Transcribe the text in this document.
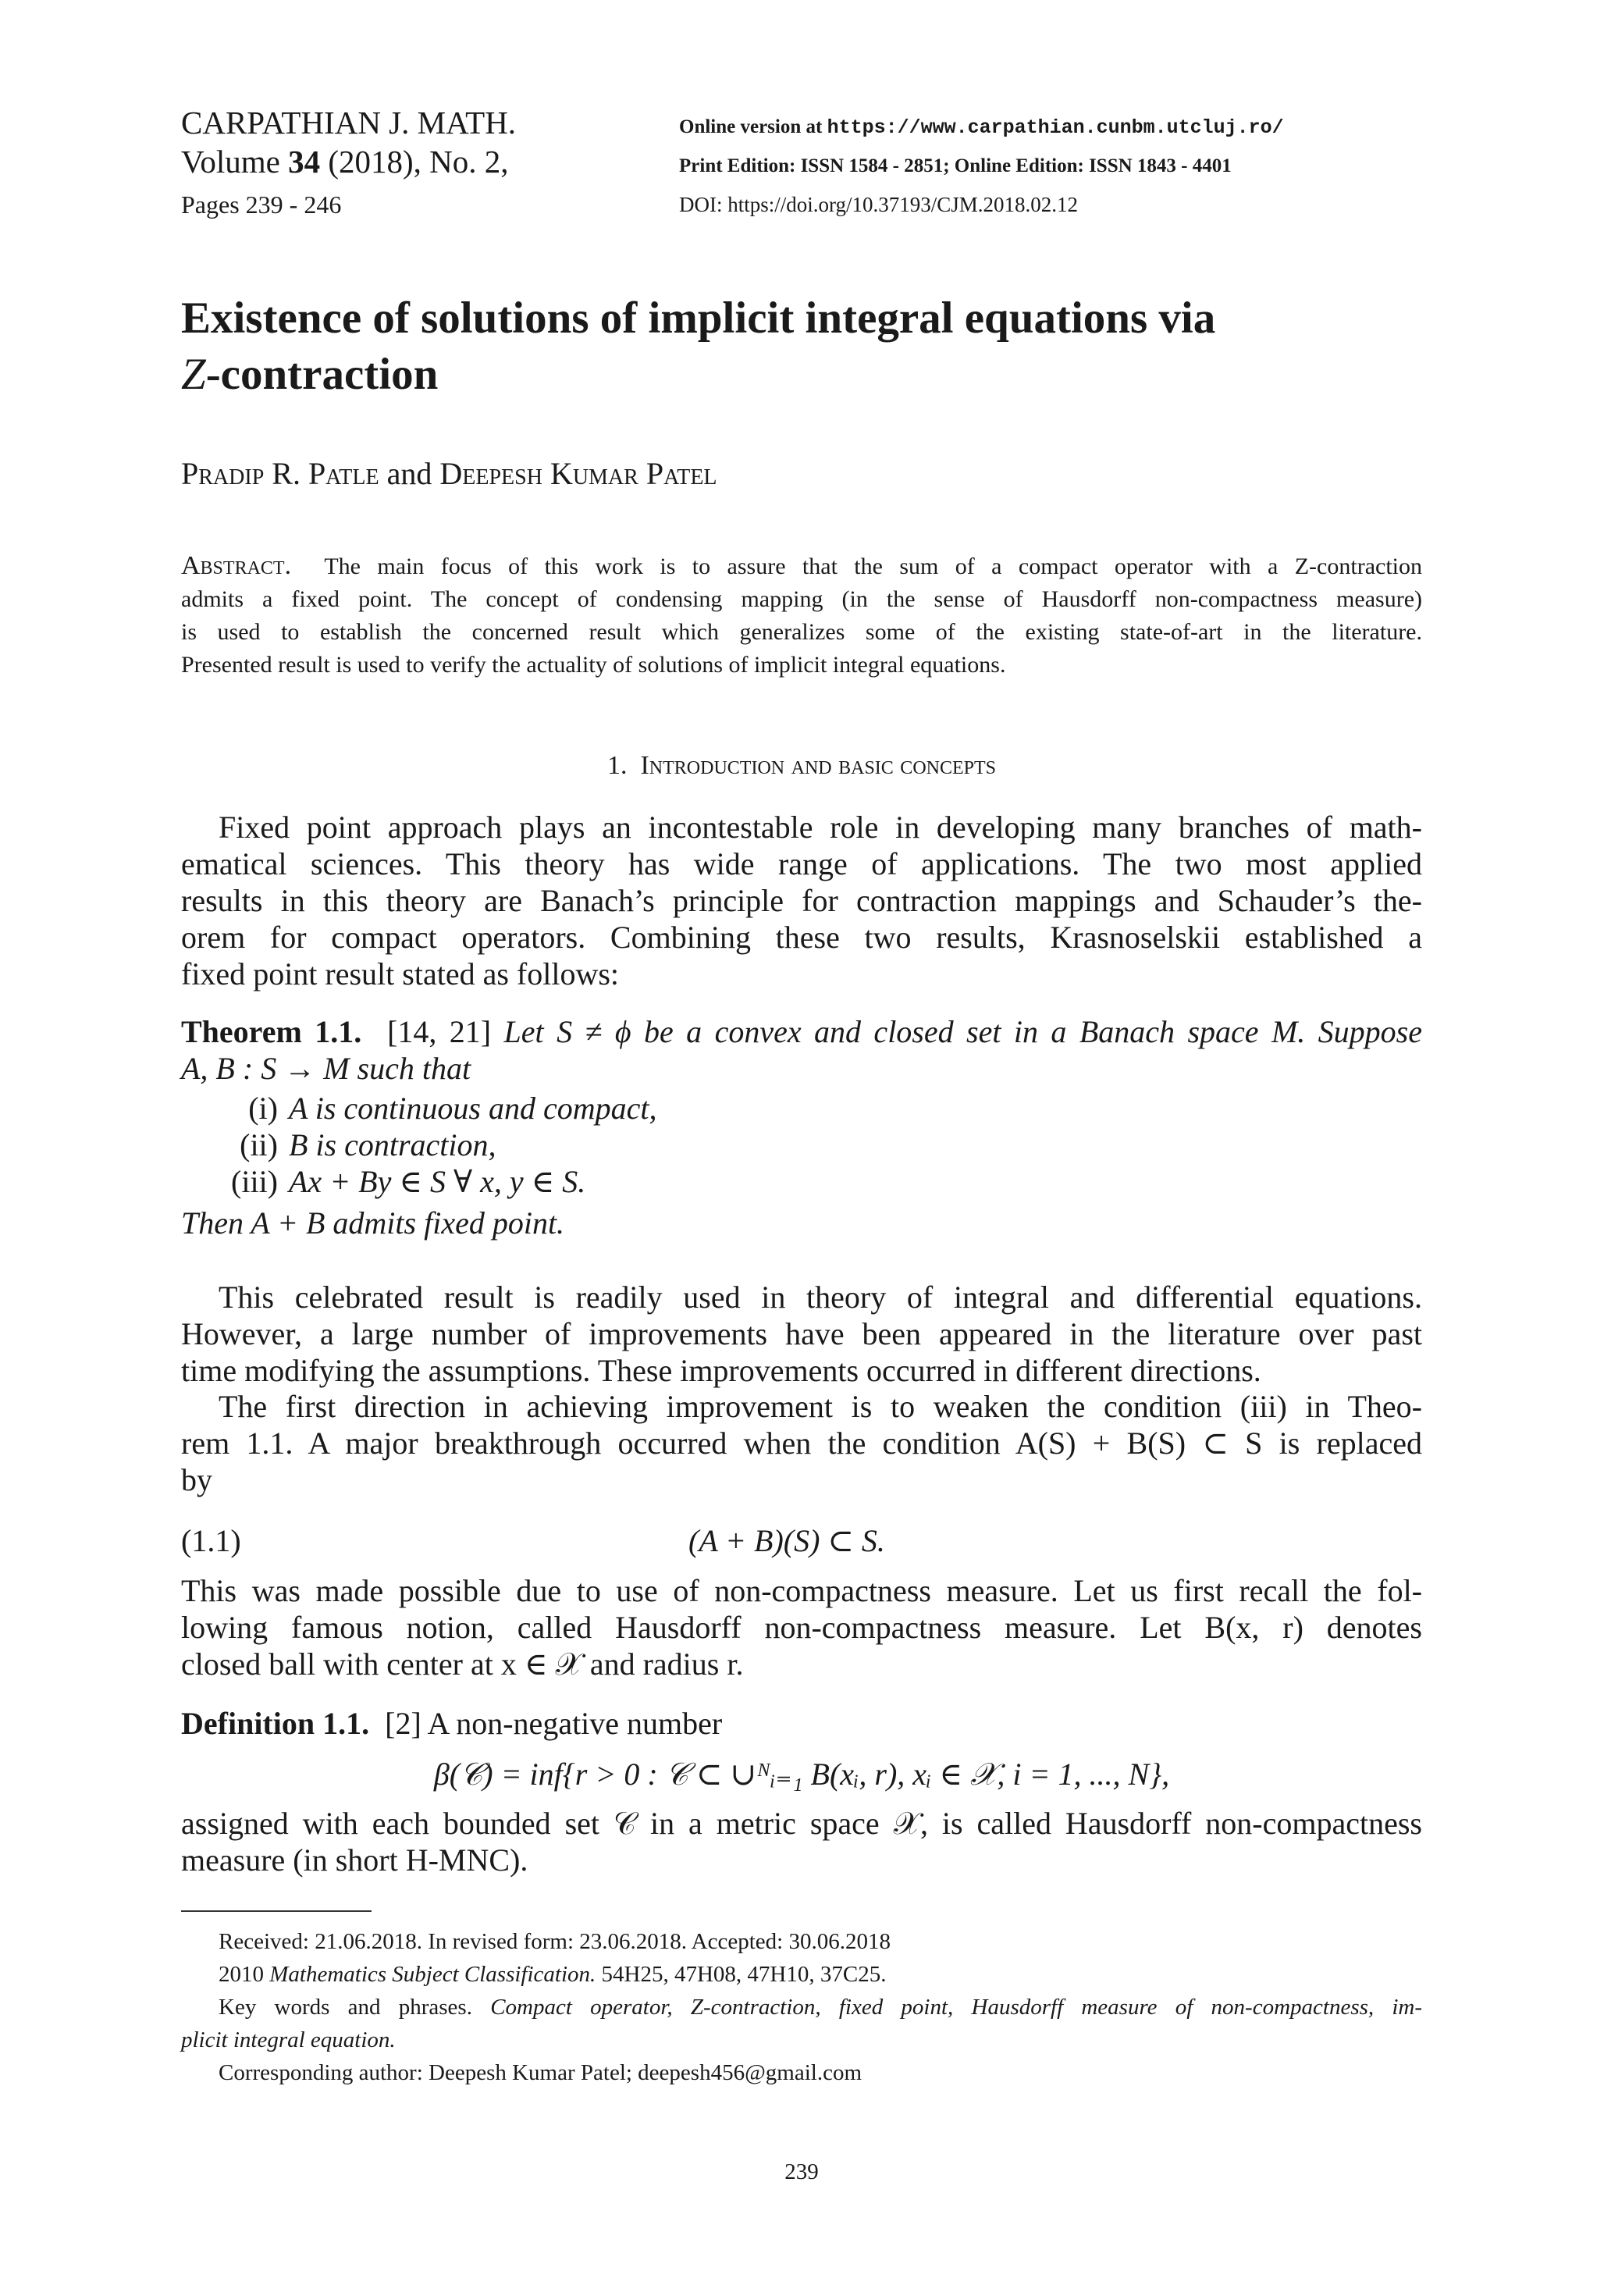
CARPATHIAN J. MATH.
Volume 34 (2018), No. 2,
Pages 239 - 246
Online version at https://www.carpathian.cunbm.utcluj.ro/
Print Edition: ISSN 1584 - 2851; Online Edition: ISSN 1843 - 4401
DOI: https://doi.org/10.37193/CJM.2018.02.12
Existence of solutions of implicit integral equations via
Z-contraction
Pradip R. Patle and Deepesh Kumar Patel
Abstract. The main focus of this work is to assure that the sum of a compact operator with a Z-contraction
admits a fixed point. The concept of condensing mapping (in the sense of Hausdorff non-compactness measure)
is used to establish the concerned result which generalizes some of the existing state-of-art in the literature.
Presented result is used to verify the actuality of solutions of implicit integral equations.
1. Introduction and basic concepts
Fixed point approach plays an incontestable role in developing many branches of math-
ematical sciences. This theory has wide range of applications. The two most applied
results in this theory are Banach’s principle for contraction mappings and Schauder’s the-
orem for compact operators. Combining these two results, Krasnoselskii established a
fixed point result stated as follows:
Theorem 1.1. [14, 21] Let S ≠ ϕ be a convex and closed set in a Banach space M. Suppose
A, B : S → M such that
(i) A is continuous and compact,
(ii) B is contraction,
(iii) Ax + By ∈ S ∀ x, y ∈ S.
Then A + B admits fixed point.
This celebrated result is readily used in theory of integral and differential equations.
However, a large number of improvements have been appeared in the literature over past
time modifying the assumptions. These improvements occurred in different directions.
The first direction in achieving improvement is to weaken the condition (iii) in Theo-
rem 1.1. A major breakthrough occurred when the condition A(S) + B(S) ⊂ S is replaced
by
(1.1)	(A + B)(S) ⊂ S.
This was made possible due to use of non-compactness measure. Let us first recall the fol-
lowing famous notion, called Hausdorff non-compactness measure. Let B(x, r) denotes
closed ball with center at x ∈ 𝒳 and radius r.
Definition 1.1. [2] A non-negative number
β(𝒞) = inf{r > 0 : 𝒞 ⊂ ∪ᴺᵢ₌₁ B(xᵢ, r), xᵢ ∈ 𝒳, i = 1, ..., N},
assigned with each bounded set 𝒞 in a metric space 𝒳, is called Hausdorff non-compactness
measure (in short H-MNC).
Received: 21.06.2018. In revised form: 23.06.2018. Accepted: 30.06.2018
2010 Mathematics Subject Classification. 54H25, 47H08, 47H10, 37C25.
Key words and phrases. Compact operator, Z-contraction, fixed point, Hausdorff measure of non-compactness, im-
plicit integral equation.
Corresponding author: Deepesh Kumar Patel; deepesh456@gmail.com
239
